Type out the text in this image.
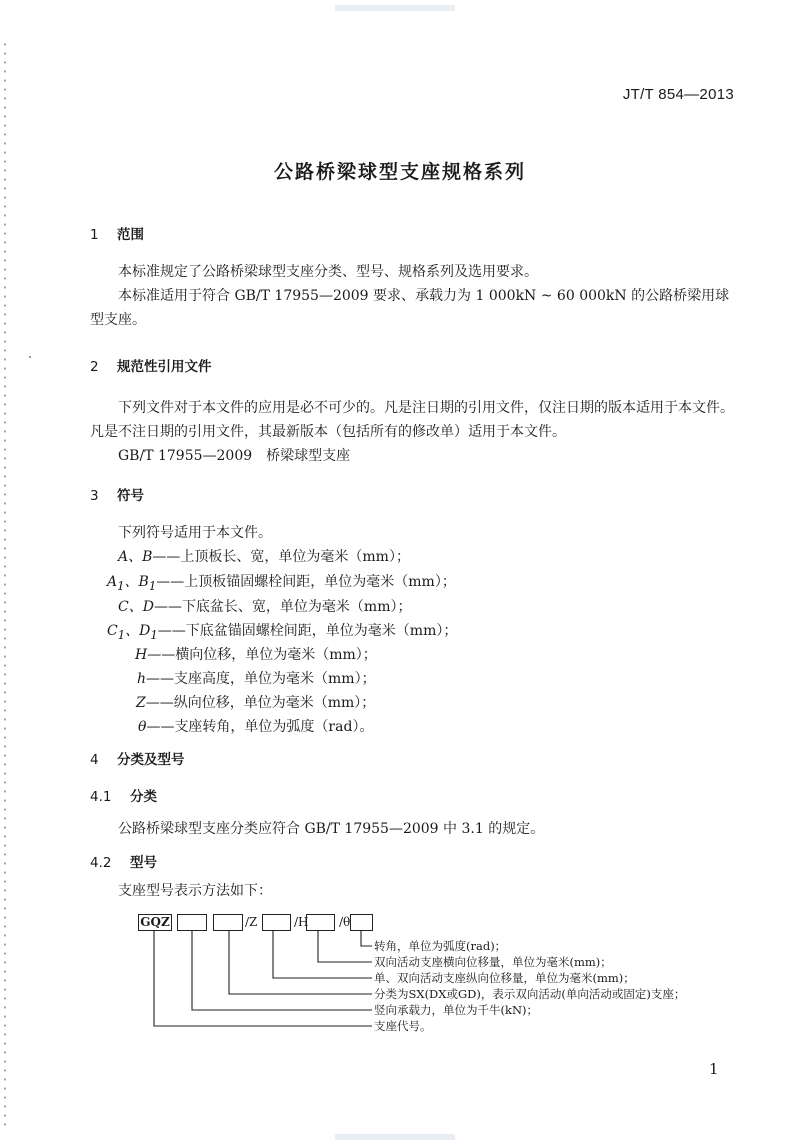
JT/T 854—2013
公路桥梁球型支座规格系列
1 范围
本标准规定了公路桥梁球型支座分类、型号、规格系列及选用要求。
本标准适用于符合 GB/T 17955—2009 要求、承载力为 1 000kN ~ 60 000kN 的公路桥梁用球型支座。
2 规范性引用文件
下列文件对于本文件的应用是必不可少的。凡是注日期的引用文件，仅注日期的版本适用于本文件。凡是不注日期的引用文件，其最新版本（包括所有的修改单）适用于本文件。
GB/T 17955—2009　桥梁球型支座
3 符号
下列符号适用于本文件。
A、B——上顶板长、宽，单位为毫米（mm）；
$A_1$、$B_1——$上顶板锚固螺栓间距，单位为毫米（mm）；
C、D——下底盆长、宽，单位为毫米（mm）；
$C_1$、$D_1——$下底盆锚固螺栓间距，单位为毫米（mm）；
H——横向位移，单位为毫米（mm）；
h——支座高度，单位为毫米（mm）；
Z——纵向位移，单位为毫米（mm）；
θ——支座转角，单位为弧度（rad）。
4 分类及型号
4.1 分类
公路桥梁球型支座分类应符合 GB/T 17955—2009 中 3.1 的规定。
4.2 型号
支座型号表示方法如下：
GQZ	/Z	/H	/θ
转角，单位为弧度(rad)；
双向活动支座横向位移量，单位为毫米(mm)；
单、双向活动支座纵向位移量，单位为毫米(mm)；
分类为SX(DX或GD)，表示双向活动(单向活动或固定)支座；
竖向承载力，单位为千牛(kN)；
支座代号。
1
